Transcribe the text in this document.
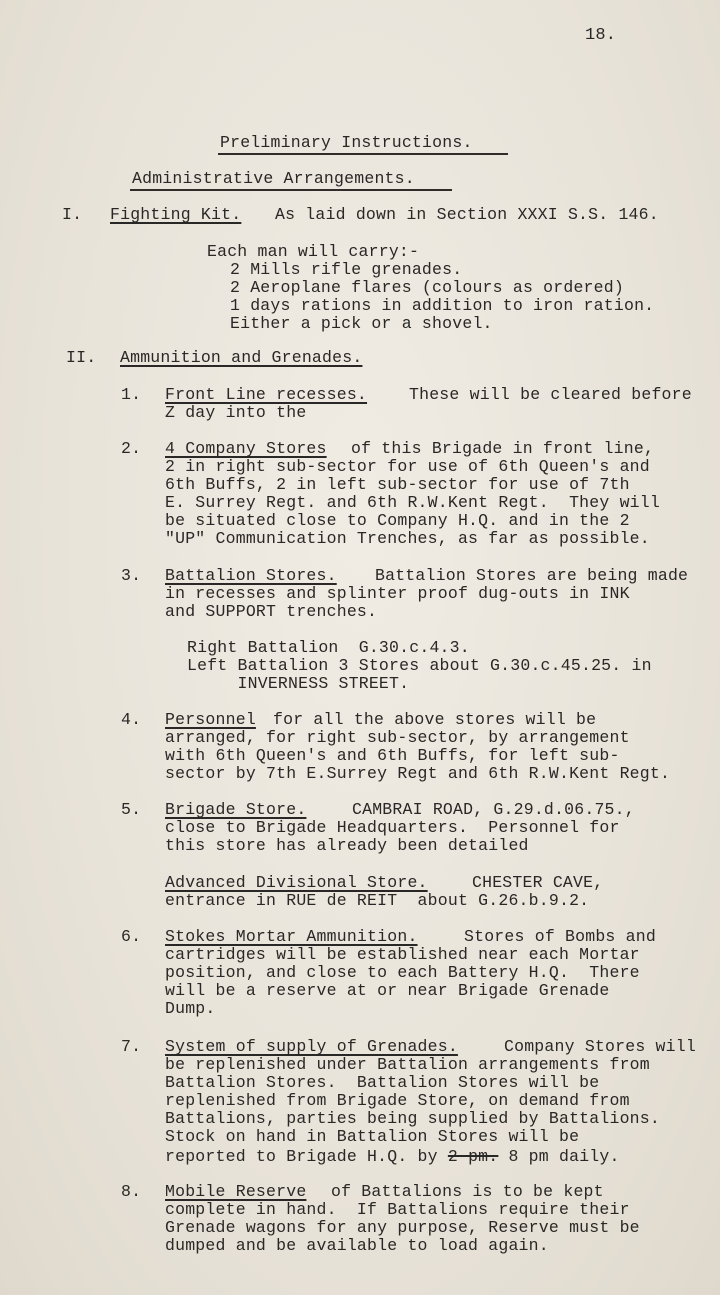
18.
Preliminary Instructions.
Administrative Arrangements.
I. Fighting Kit. As laid down in Section XXXI S.S. 146.
Each man will carry:-
2 Mills rifle grenades.
2 Aeroplane flares (colours as ordered)
1 days rations in addition to iron ration.
Either a pick or a shovel.
II. Ammunition and Grenades.
1. Front Line recesses.	These will be cleared before
Z day into the
2. 4 Company Stores of this Brigade in front line,
2 in right sub-sector for use of 6th Queen's and
6th Buffs, 2 in left sub-sector for use of 7th
E. Surrey Regt. and 6th R.W.Kent Regt.  They will
be situated close to Company H.Q. and in the 2
"UP" Communication Trenches, as far as possible.
3. Battalion Stores. Battalion Stores are being made
in recesses and splinter proof dug-outs in INK
and SUPPORT trenches.
Right Battalion  G.30.c.4.3.
Left Battalion 3 Stores about G.30.c.45.25. in
INVERNESS STREET.
4. Personnel for all the above stores will be
arranged, for right sub-sector, by arrangement
with 6th Queen's and 6th Buffs, for left sub-
sector by 7th E.Surrey Regt and 6th R.W.Kent Regt.
5. Brigade Store.	CAMBRAI ROAD, G.29.d.06.75.,
close to Brigade Headquarters.  Personnel for
this store has already been detailed
Advanced Divisional Store.	CHESTER CAVE,
entrance in RUE de REIT  about G.26.b.9.2.
6. Stokes Mortar Ammunition.	Stores of Bombs and
cartridges will be established near each Mortar
position, and close to each Battery H.Q.  There
will be a reserve at or near Brigade Grenade
Dump.
7. System of supply of Grenades.	Company Stores will
be replenished under Battalion arrangements from
Battalion Stores.  Battalion Stores will be
replenished from Brigade Store, on demand from
Battalions, parties being supplied by Battalions.
Stock on hand in Battalion Stores will be
reported to Brigade H.Q. by 2 pm. 8 pm daily.
8. Mobile Reserve of Battalions is to be kept
complete in hand.  If Battalions require their
Grenade wagons for any purpose, Reserve must be
dumped and be available to load again.
